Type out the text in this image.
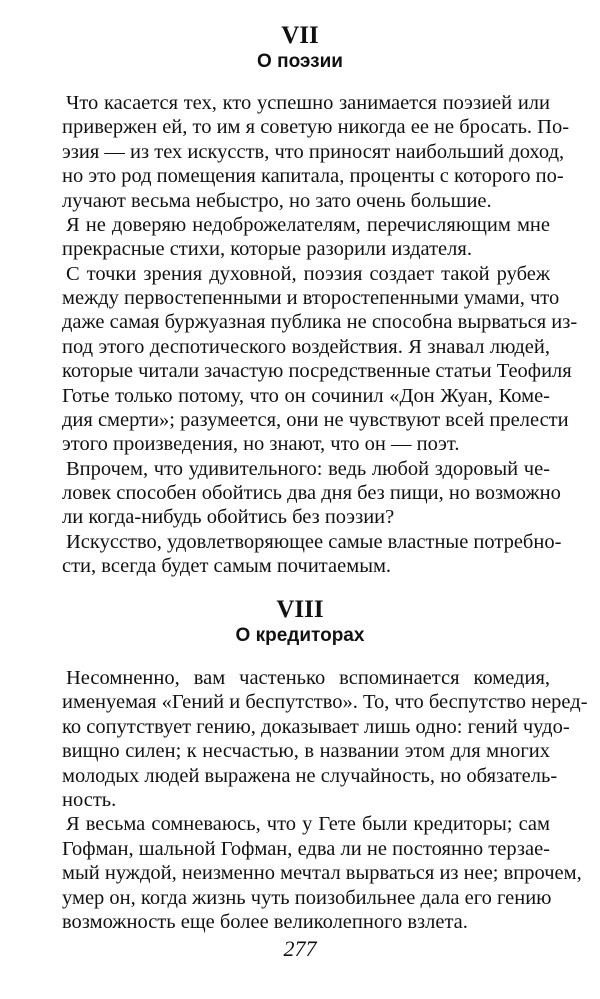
VII
О поэзии
Что касается тех, кто успешно занимается поэзией или
привержен ей, то им я советую никогда ее не бросать. По-
эзия — из тех искусств, что приносят наибольший доход,
но это род помещения капитала, проценты с которого по-
лучают весьма небыстро, но зато очень большие.
Я не доверяю недоброжелателям, перечисляющим мне
прекрасные стихи, которые разорили издателя.
С точки зрения духовной, поэзия создает такой рубеж
между первостепенными и второстепенными умами, что
даже самая буржуазная публика не способна вырваться из-
под этого деспотического воздействия. Я знавал людей,
которые читали зачастую посредственные статьи Теофиля
Готье только потому, что он сочинил «Дон Жуан, Коме-
дия смерти»; разумеется, они не чувствуют всей прелести
этого произведения, но знают, что он — поэт.
Впрочем, что удивительного: ведь любой здоровый че-
ловек способен обойтись два дня без пищи, но возможно
ли когда-нибудь обойтись без поэзии?
Искусство, удовлетворяющее самые властные потребно-
сти, всегда будет самым почитаемым.
VIII
О кредиторах
Несомненно, вам частенько вспоминается комедия,
именуемая «Гений и беспутство». То, что беспутство неред-
ко сопутствует гению, доказывает лишь одно: гений чудо-
вищно силен; к несчастью, в названии этом для многих
молодых людей выражена не случайность, но обязатель-
ность.
Я весьма сомневаюсь, что у Гете были кредиторы; сам
Гофман, шальной Гофман, едва ли не постоянно терзае-
мый нуждой, неизменно мечтал вырваться из нее; впрочем,
умер он, когда жизнь чуть поизобильнее дала его гению
возможность еще более великолепного взлета.
277
